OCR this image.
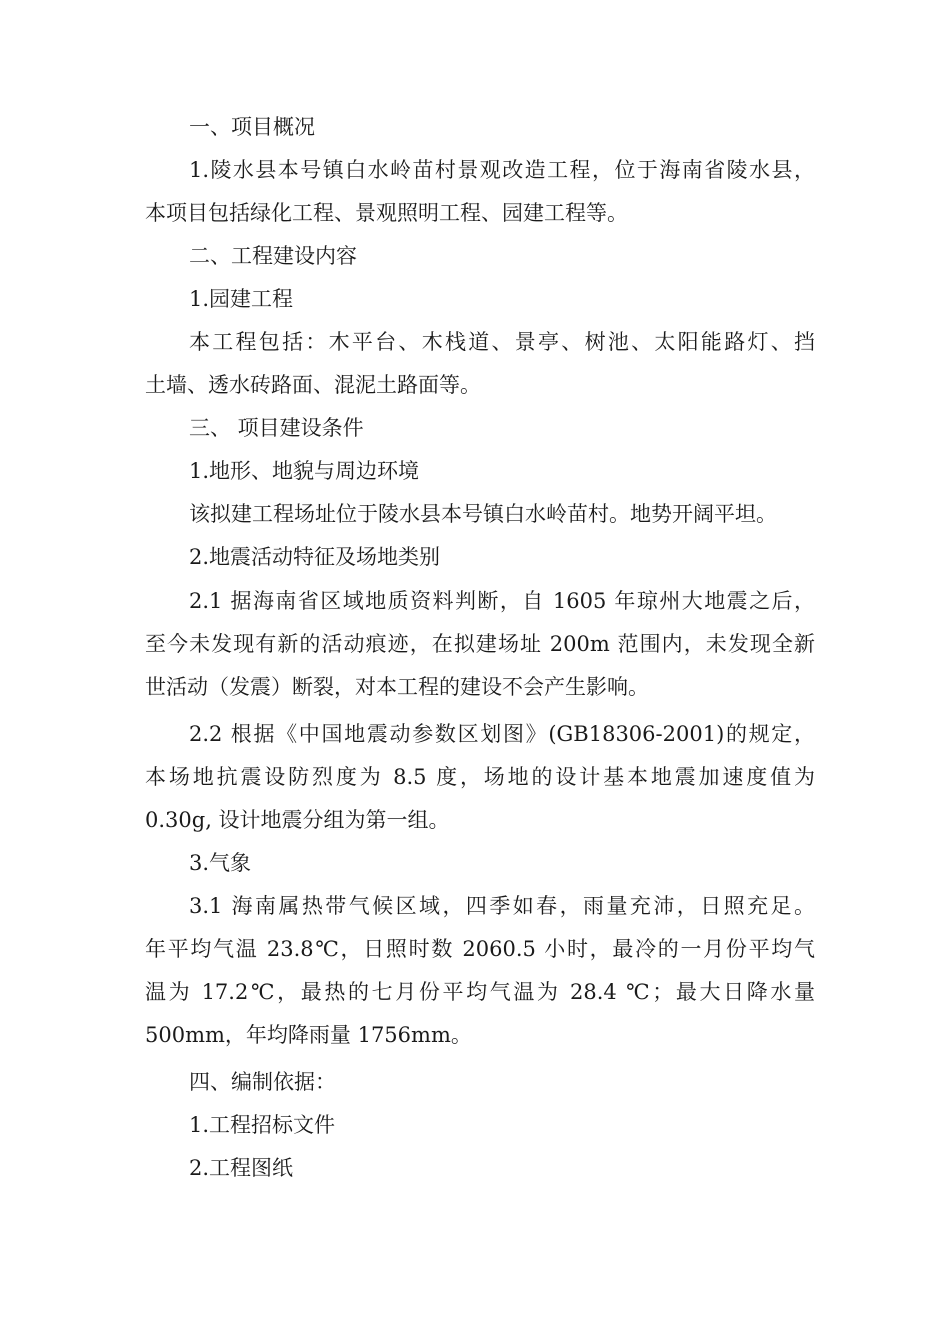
一、项目概况
1.陵水县本号镇白水岭苗村景观改造工程，位于海南省陵水县，
本项目包括绿化工程、景观照明工程、园建工程等。
二、工程建设内容
1.园建工程
本工程包括：木平台、木栈道、景亭、树池、太阳能路灯、挡
土墙、透水砖路面、混泥土路面等。
三、 项目建设条件
1.地形、地貌与周边环境
该拟建工程场址位于陵水县本号镇白水岭苗村。地势开阔平坦。
2.地震活动特征及场地类别
2.1 据海南省区域地质资料判断，自 1605 年琼州大地震之后，
至今未发现有新的活动痕迹，在拟建场址 200m 范围内，未发现全新
世活动（发震）断裂，对本工程的建设不会产生影响。
2.2 根据《中国地震动参数区划图》(GB18306-2001)的规定，
本场地抗震设防烈度为 8.5 度，场地的设计基本地震加速度值为
0.30g, 设计地震分组为第一组。
3.气象
3.1 海南属热带气候区域，四季如春，雨量充沛，日照充足。
年平均气温 23.8℃，日照时数 2060.5 小时，最冷的一月份平均气
温为 17.2℃，最热的七月份平均气温为 28.4 ℃；最大日降水量
500mm，年均降雨量 1756mm。
四、编制依据：
1.工程招标文件
2.工程图纸
